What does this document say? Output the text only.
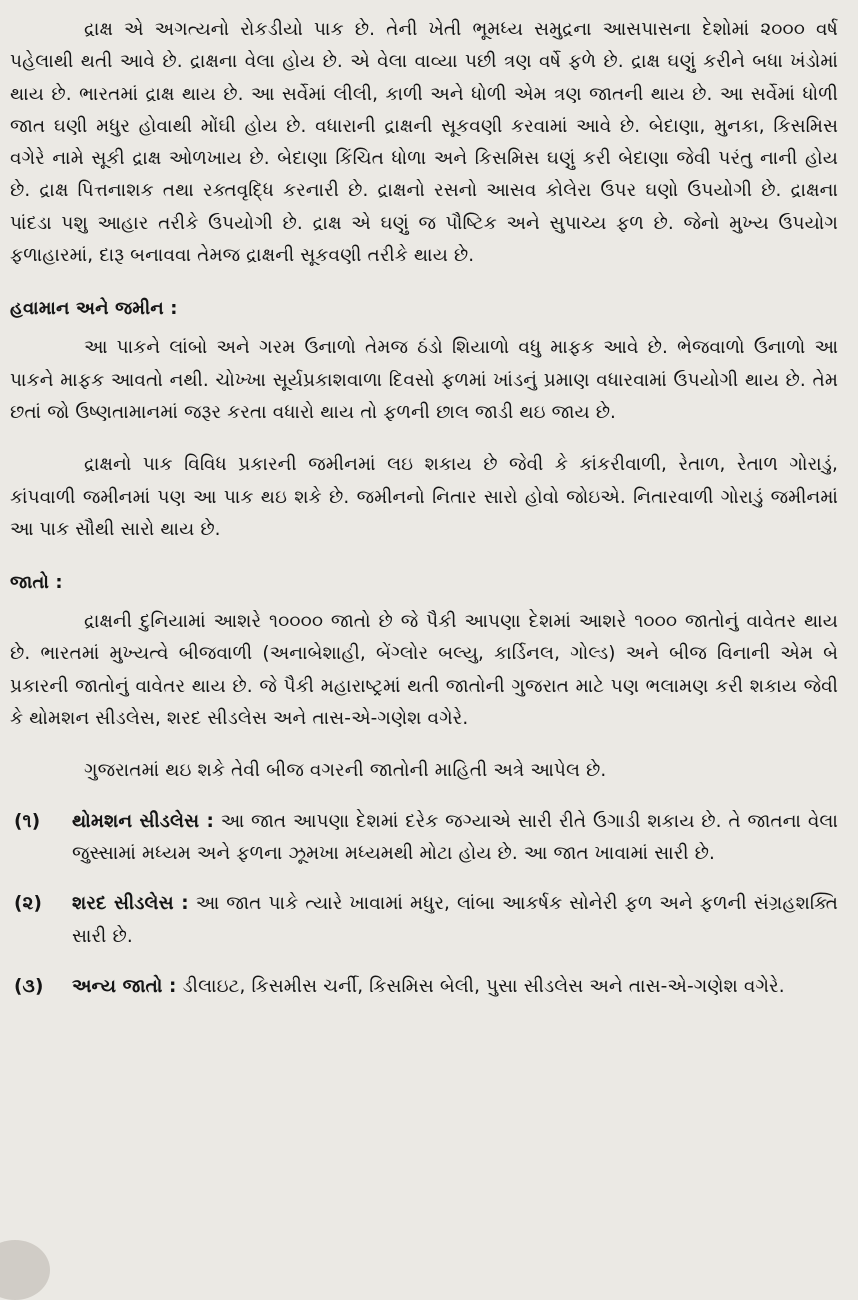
દ્રાક્ષ એ અગત્યનો રોકડીયો પાક છે. તેની ખેતી ભૂમધ્ય સમુદ્રના આસપાસના દેશોમાં ૨૦૦૦ વર્ષ પહેલાથી થતી આવે છે. દ્રાક્ષના વેલા હોય છે. એ વેલા વાવ્યા પછી ત્રણ વર્ષે ફળે છે. દ્રાક્ષ ઘણું કરીને બધા ખંડોમાં થાય છે. ભારતમાં દ્રાક્ષ થાય છે. આ સર્વેમાં લીલી, કાળી અને ધોળી એમ ત્રણ જાતની થાય છે. આ સર્વેમાં ધોળી જાત ઘણી મધુર હોવાથી મોંઘી હોય છે. વધારાની દ્રાક્ષની સૂકવણી કરવામાં આવે છે. બેદાણા, મુનકા, કિસમિસ વગેરે નામે સૂકી દ્રાક્ષ ઓળખાય છે. બેદાણા કિંચિત ધોળા અને કિસમિસ ઘણું કરી બેદાણા જેવી પરંતુ નાની હોય છે. દ્રાક્ષ પિત્તનાશક તથા રક્તવૃદ્ધિ કરનારી છે. દ્રાક્ષનો રસનો આસવ કોલેરા ઉપર ઘણો ઉપયોગી છે. દ્રાક્ષના પાંદડા પશુ આહાર તરીકે ઉપયોગી છે. દ્રાક્ષ એ ઘણું જ પૌષ્ટિક અને સુપાચ્ય ફળ છે. જેનો મુખ્ય ઉપયોગ ફળાહારમાં, દારૂ બનાવવા તેમજ દ્રાક્ષની સૂકવણી તરીકે થાય છે.

હવામાન અને જમીન :

આ પાકને લાંબો અને ગરમ ઉનાળો તેમજ ઠંડો શિયાળો વધુ માફક આવે છે. ભેજવાળો ઉનાળો આ પાકને માફક આવતો નથી. ચોખ્ખા સૂર્યપ્રકાશવાળા દિવસો ફળમાં ખાંડનું પ્રમાણ વધારવામાં ઉપયોગી થાય છે. તેમ છતાં જો ઉષ્ણતામાનમાં જરૂર કરતા વધારો થાય તો ફળની છાલ જાડી થઇ જાય છે.

દ્રાક્ષનો પાક વિવિધ પ્રકારની જમીનમાં લઇ શકાય છે જેવી કે કાંકરીવાળી, રેતાળ, રેતાળ ગોરાડું, કાંપવાળી જમીનમાં પણ આ પાક થઇ શકે છે. જમીનનો નિતાર સારો હોવો જોઇએ. નિતારવાળી ગોરાડું જમીનમાં આ પાક સૌથી સારો થાય છે.

જાતો :

દ્રાક્ષની દુનિયામાં આશરે ૧૦૦૦૦ જાતો છે જે પૈકી આપણા દેશમાં આશરે ૧૦૦૦ જાતોનું વાવેતર થાય છે. ભારતમાં મુખ્યત્વે બીજવાળી (અનાબેશાહી, બેંગ્લોર બલ્યુ, કાર્ડિનલ, ગોલ્ડ) અને બીજ વિનાની એમ બે પ્રકારની જાતોનું વાવેતર થાય છે. જે પૈકી મહારાષ્ટ્રમાં થતી જાતોની ગુજરાત માટે પણ ભલામણ કરી શકાય જેવી કે થોમશન સીડલેસ, શરદ સીડલેસ અને તાસ-એ-ગણેશ વગેરે.

ગુજરાતમાં થઇ શકે તેવી બીજ વગરની જાતોની માહિતી અત્રે આપેલ છે.

(૧)	થોમશન સીડલેસ : આ જાત આપણા દેશમાં દરેક જગ્યાએ સારી રીતે ઉગાડી શકાય છે. તે જાતના વેલા જુસ્સામાં મધ્યમ અને ફળના ઝૂમખા મધ્યમથી મોટા હોય છે. આ જાત ખાવામાં સારી છે.
(૨)	શરદ સીડલેસ : આ જાત પાકે ત્યારે ખાવામાં મધુર, લાંબા આકર્ષક સોનેરી ફળ અને ફળની સંગ્રહશક્તિ સારી છે.
(૩)	અન્ય જાતો : ડીલાઇટ, કિસમીસ ચર્ની, કિસમિસ બેલી, પુસા સીડલેસ અને તાસ-એ-ગણેશ વગેરે.
